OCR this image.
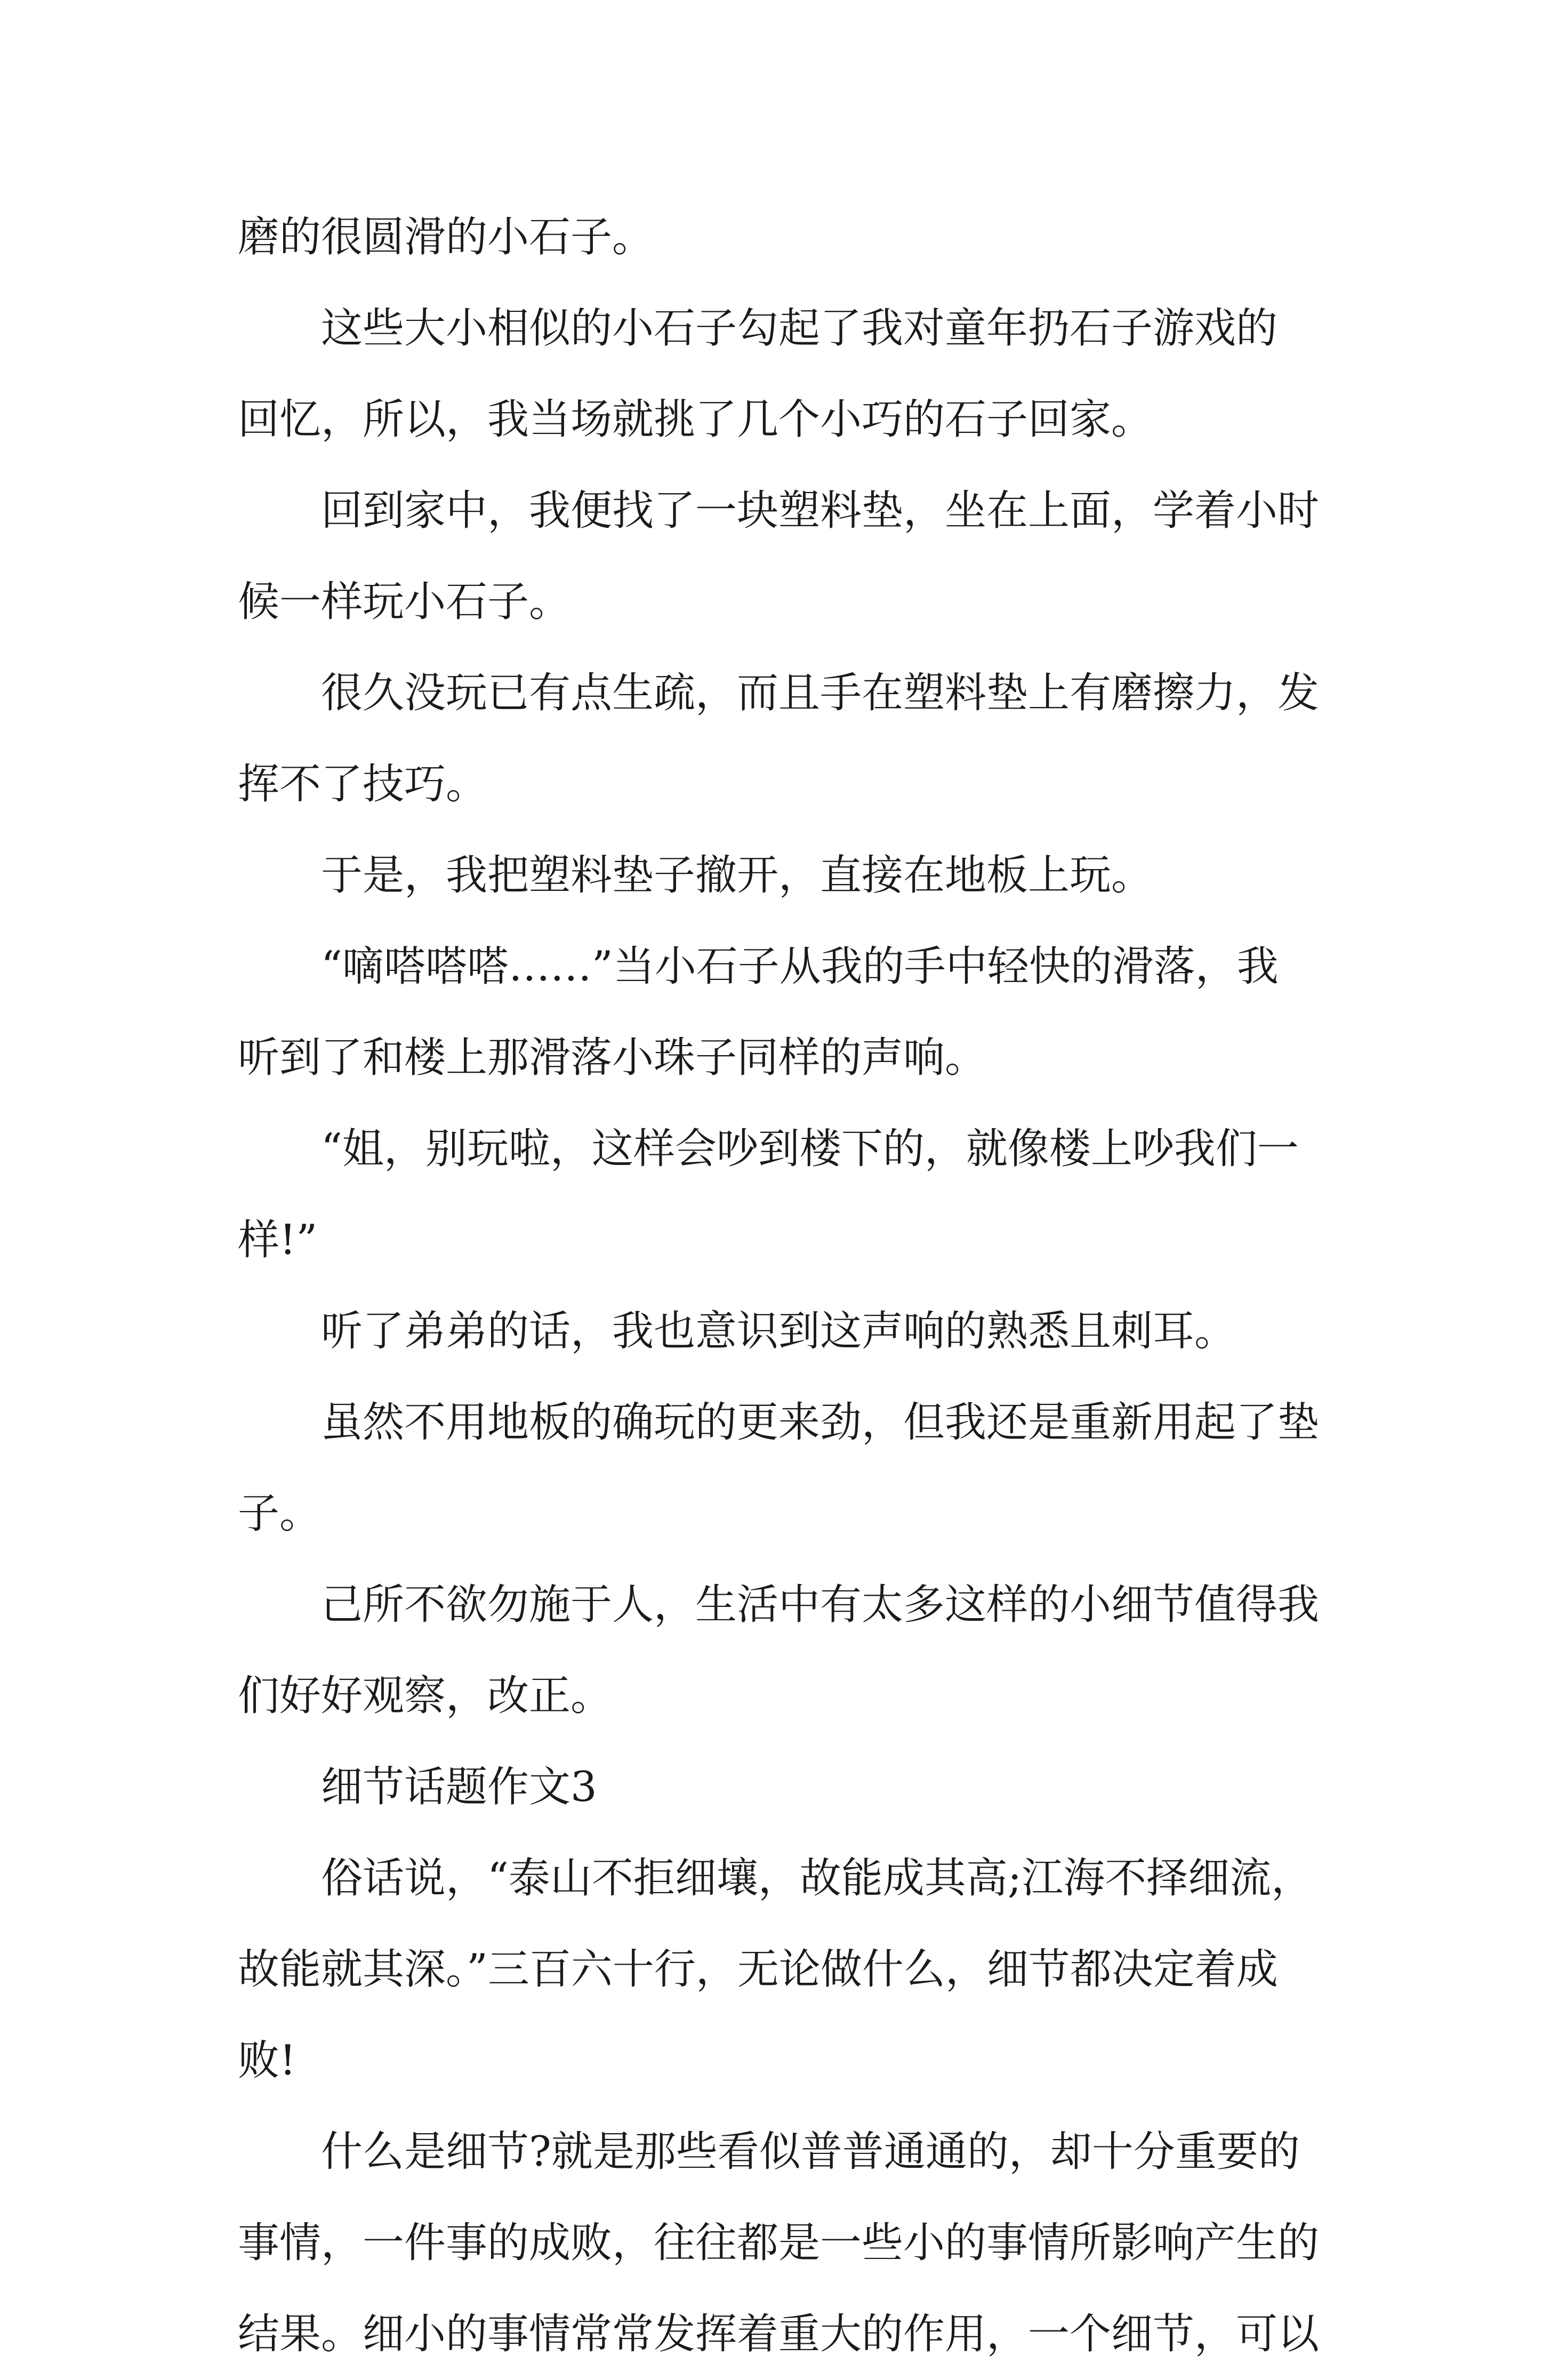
磨的很圆滑的小石子。
这些大小相似的小石子勾起了我对童年扔石子游戏的
回忆，所以，我当场就挑了几个小巧的石子回家。
回到家中，我便找了一块塑料垫，坐在上面，学着小时
候一样玩小石子。
很久没玩已有点生疏，而且手在塑料垫上有磨擦力，发
挥不了技巧。
于是，我把塑料垫子撤开，直接在地板上玩。
“嘀嗒嗒嗒……”当小石子从我的手中轻快的滑落，我
听到了和楼上那滑落小珠子同样的声响。
“姐，别玩啦，这样会吵到楼下的，就像楼上吵我们一
样!”
听了弟弟的话，我也意识到这声响的熟悉且刺耳。
虽然不用地板的确玩的更来劲，但我还是重新用起了垫
子。
己所不欲勿施于人，生活中有太多这样的小细节值得我
们好好观察，改正。
细节话题作文3
俗话说，“泰山不拒细壤，故能成其高;江海不择细流，
故能就其深。”三百六十行，无论做什么，细节都决定着成
败!
什么是细节?就是那些看似普普通通的，却十分重要的
事情，一件事的成败，往往都是一些小的事情所影响产生的
结果。细小的事情常常发挥着重大的作用，一个细节，可以
